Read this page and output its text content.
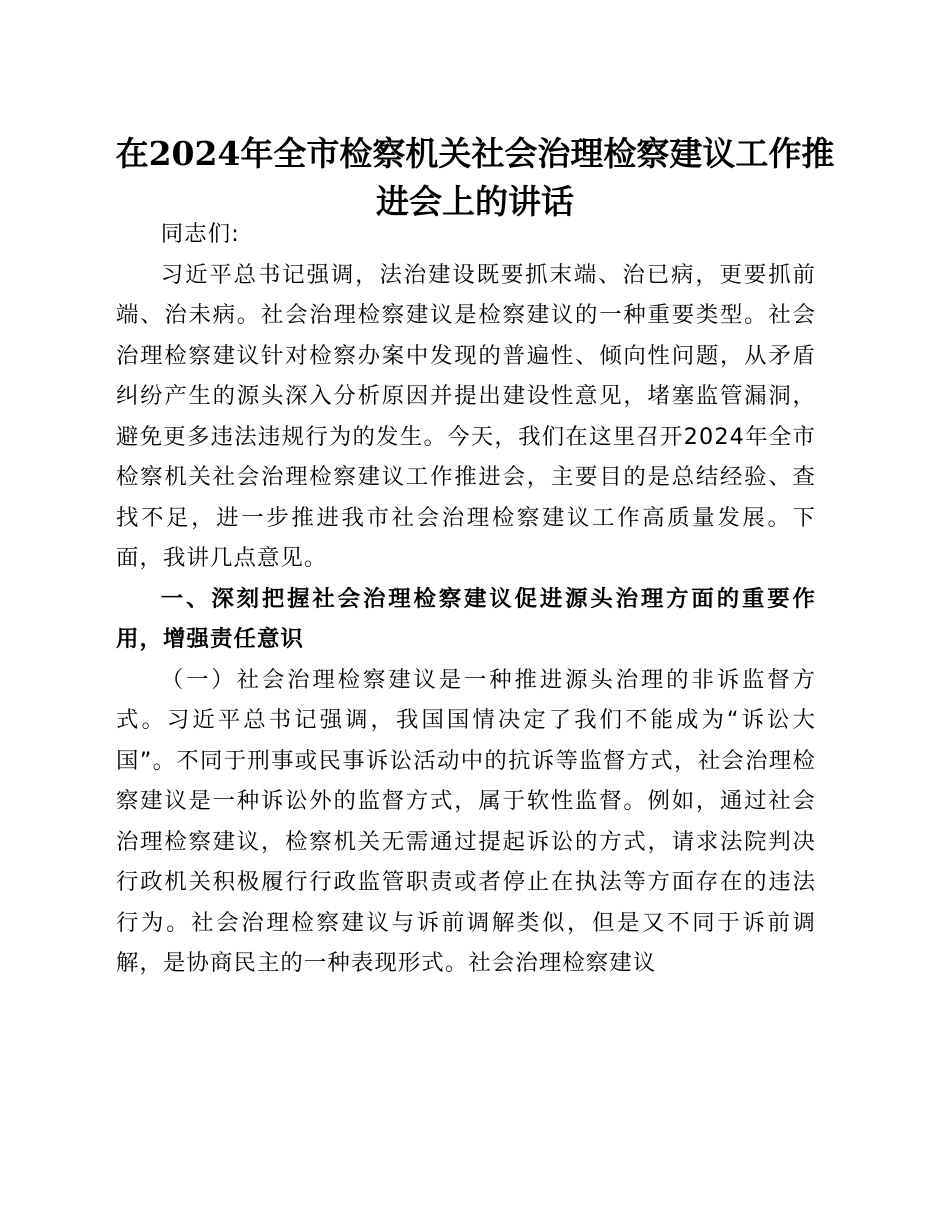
在2024年全市检察机关社会治理检察建议工作推进会上的讲话

同志们:

习近平总书记强调，法治建设既要抓末端、治已病，更要抓前端、治未病。社会治理检察建议是检察建议的一种重要类型。社会治理检察建议针对检察办案中发现的普遍性、倾向性问题，从矛盾纠纷产生的源头深入分析原因并提出建设性意见，堵塞监管漏洞，避免更多违法违规行为的发生。今天，我们在这里召开2024年全市检察机关社会治理检察建议工作推进会，主要目的是总结经验、查找不足，进一步推进我市社会治理检察建议工作高质量发展。下面，我讲几点意见。

一、深刻把握社会治理检察建议促进源头治理方面的重要作用，增强责任意识

（一）社会治理检察建议是一种推进源头治理的非诉监督方式。习近平总书记强调，我国国情决定了我们不能成为“诉讼大国”。不同于刑事或民事诉讼活动中的抗诉等监督方式，社会治理检察建议是一种诉讼外的监督方式，属于软性监督。例如，通过社会治理检察建议，检察机关无需通过提起诉讼的方式，请求法院判决行政机关积极履行行政监管职责或者停止在执法等方面存在的违法行为。社会治理检察建议与诉前调解类似，但是又不同于诉前调解，是协商民主的一种表现形式。社会治理检察建议
